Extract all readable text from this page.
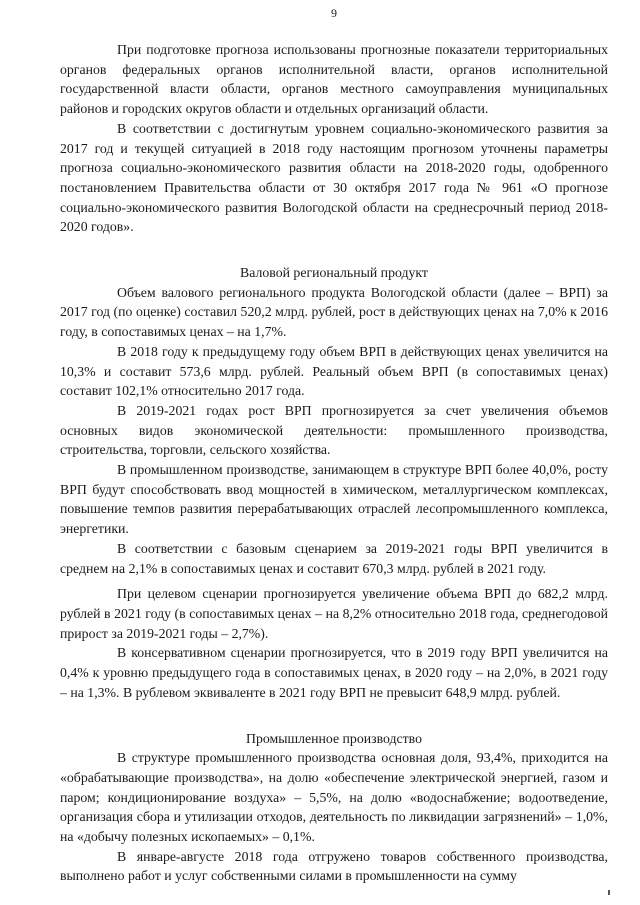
9

При подготовке прогноза использованы прогнозные показатели территориальных органов федеральных органов исполнительной власти, органов исполнительной государственной власти области, органов местного самоуправления муниципальных районов и городских округов области и отдельных организаций области.

В соответствии с достигнутым уровнем социально-экономического развития за 2017 год и текущей ситуацией в 2018 году настоящим прогнозом уточнены параметры прогноза социально-экономического развития области на 2018-2020 годы, одобренного постановлением Правительства области от 30 октября 2017 года № 961 «О прогнозе социально-экономического развития Вологодской области на среднесрочный период 2018-2020 годов».

Валовой региональный продукт

Объем валового регионального продукта Вологодской области (далее – ВРП) за 2017 год (по оценке) составил 520,2 млрд. рублей, рост в действующих ценах на 7,0% к 2016 году, в сопоставимых ценах – на 1,7%.

В 2018 году к предыдущему году объем ВРП в действующих ценах увеличится на 10,3% и составит 573,6 млрд. рублей. Реальный объем ВРП (в сопоставимых ценах) составит 102,1% относительно 2017 года.

В 2019-2021 годах рост ВРП прогнозируется за счет увеличения объемов основных видов экономической деятельности: промышленного производства, строительства, торговли, сельского хозяйства.

В промышленном производстве, занимающем в структуре ВРП более 40,0%, росту ВРП будут способствовать ввод мощностей в химическом, металлургическом комплексах, повышение темпов развития перерабатывающих отраслей лесопромышленного комплекса, энергетики.

В соответствии с базовым сценарием за 2019-2021 годы ВРП увеличится в среднем на 2,1% в сопоставимых ценах и составит 670,3 млрд. рублей в 2021 году.

При целевом сценарии прогнозируется увеличение объема ВРП до 682,2 млрд. рублей в 2021 году (в сопоставимых ценах – на 8,2% относительно 2018 года, среднегодовой прирост за 2019-2021 годы – 2,7%).

В консервативном сценарии прогнозируется, что в 2019 году ВРП увеличится на 0,4% к уровню предыдущего года в сопоставимых ценах, в 2020 году – на 2,0%, в 2021 году – на 1,3%. В рублевом эквиваленте в 2021 году ВРП не превысит 648,9 млрд. рублей.

Промышленное производство

В структуре промышленного производства основная доля, 93,4%, приходится на «обрабатывающие производства», на долю «обеспечение электрической энергией, газом и паром; кондиционирование воздуха» – 5,5%, на долю «водоснабжение; водоотведение, организация сбора и утилизации отходов, деятельность по ликвидации загрязнений» – 1,0%, на «добычу полезных ископаемых» – 0,1%.

В январе-августе 2018 года отгружено товаров собственного производства, выполнено работ и услуг собственными силами в промышленности на сумму
